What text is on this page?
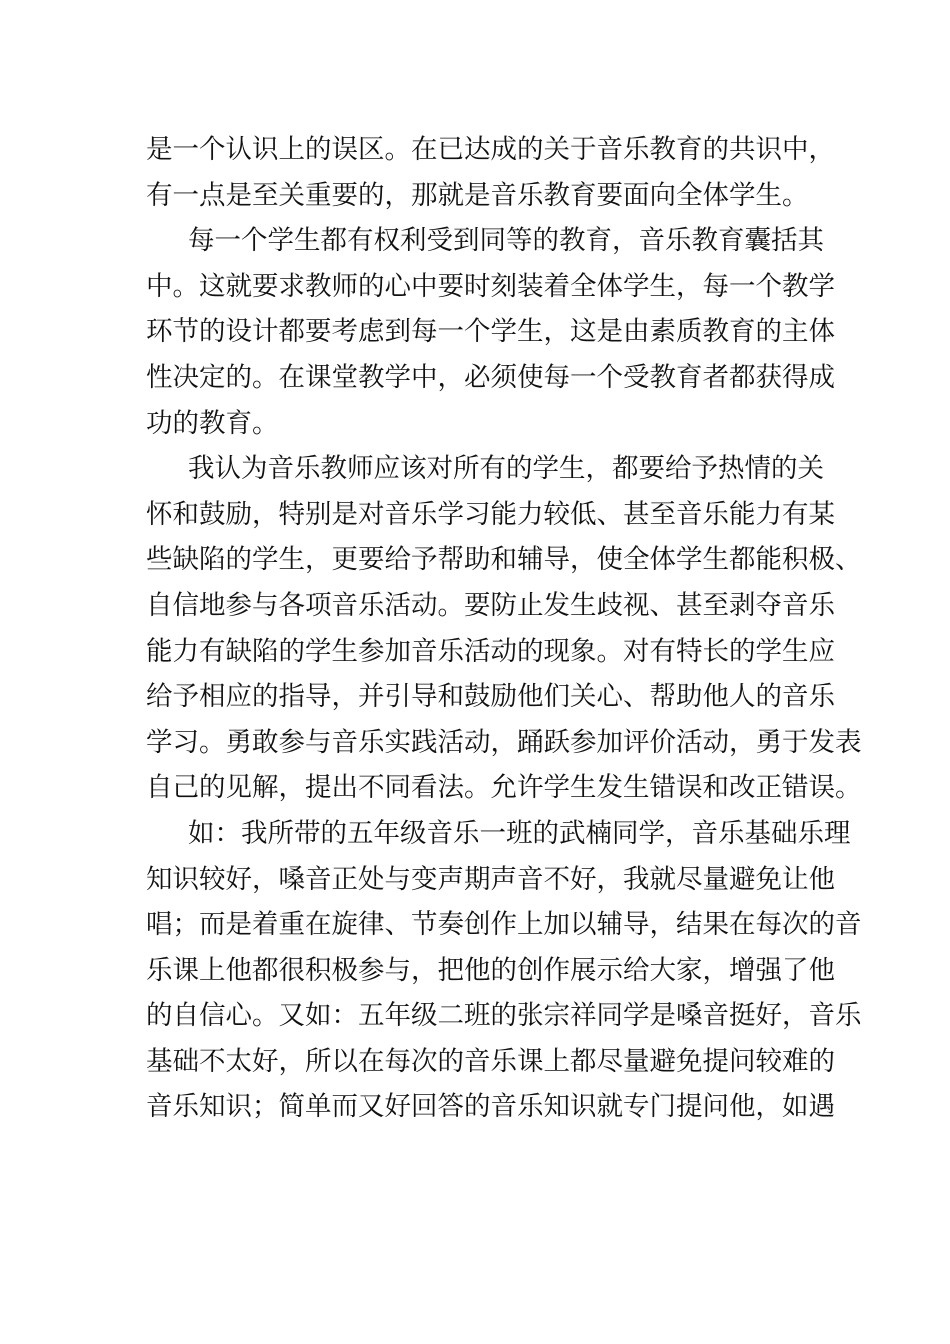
是一个认识上的误区。在已达成的关于音乐教育的共识中，
有一点是至关重要的，那就是音乐教育要面向全体学生。
每一个学生都有权利受到同等的教育，音乐教育囊括其
中。这就要求教师的心中要时刻装着全体学生，每一个教学
环节的设计都要考虑到每一个学生，这是由素质教育的主体
性决定的。在课堂教学中，必须使每一个受教育者都获得成
功的教育。
我认为音乐教师应该对所有的学生，都要给予热情的关
怀和鼓励，特别是对音乐学习能力较低、甚至音乐能力有某
些缺陷的学生，更要给予帮助和辅导，使全体学生都能积极、
自信地参与各项音乐活动。要防止发生歧视、甚至剥夺音乐
能力有缺陷的学生参加音乐活动的现象。对有特长的学生应
给予相应的指导，并引导和鼓励他们关心、帮助他人的音乐
学习。勇敢参与音乐实践活动，踊跃参加评价活动，勇于发表
自己的见解，提出不同看法。允许学生发生错误和改正错误。
如：我所带的五年级音乐一班的武楠同学，音乐基础乐理
知识较好，嗓音正处与变声期声音不好，我就尽量避免让他
唱；而是着重在旋律、节奏创作上加以辅导，结果在每次的音
乐课上他都很积极参与，把他的创作展示给大家，增强了他
的自信心。又如：五年级二班的张宗祥同学是嗓音挺好，音乐
基础不太好，所以在每次的音乐课上都尽量避免提问较难的
音乐知识；简单而又好回答的音乐知识就专门提问他，如遇
